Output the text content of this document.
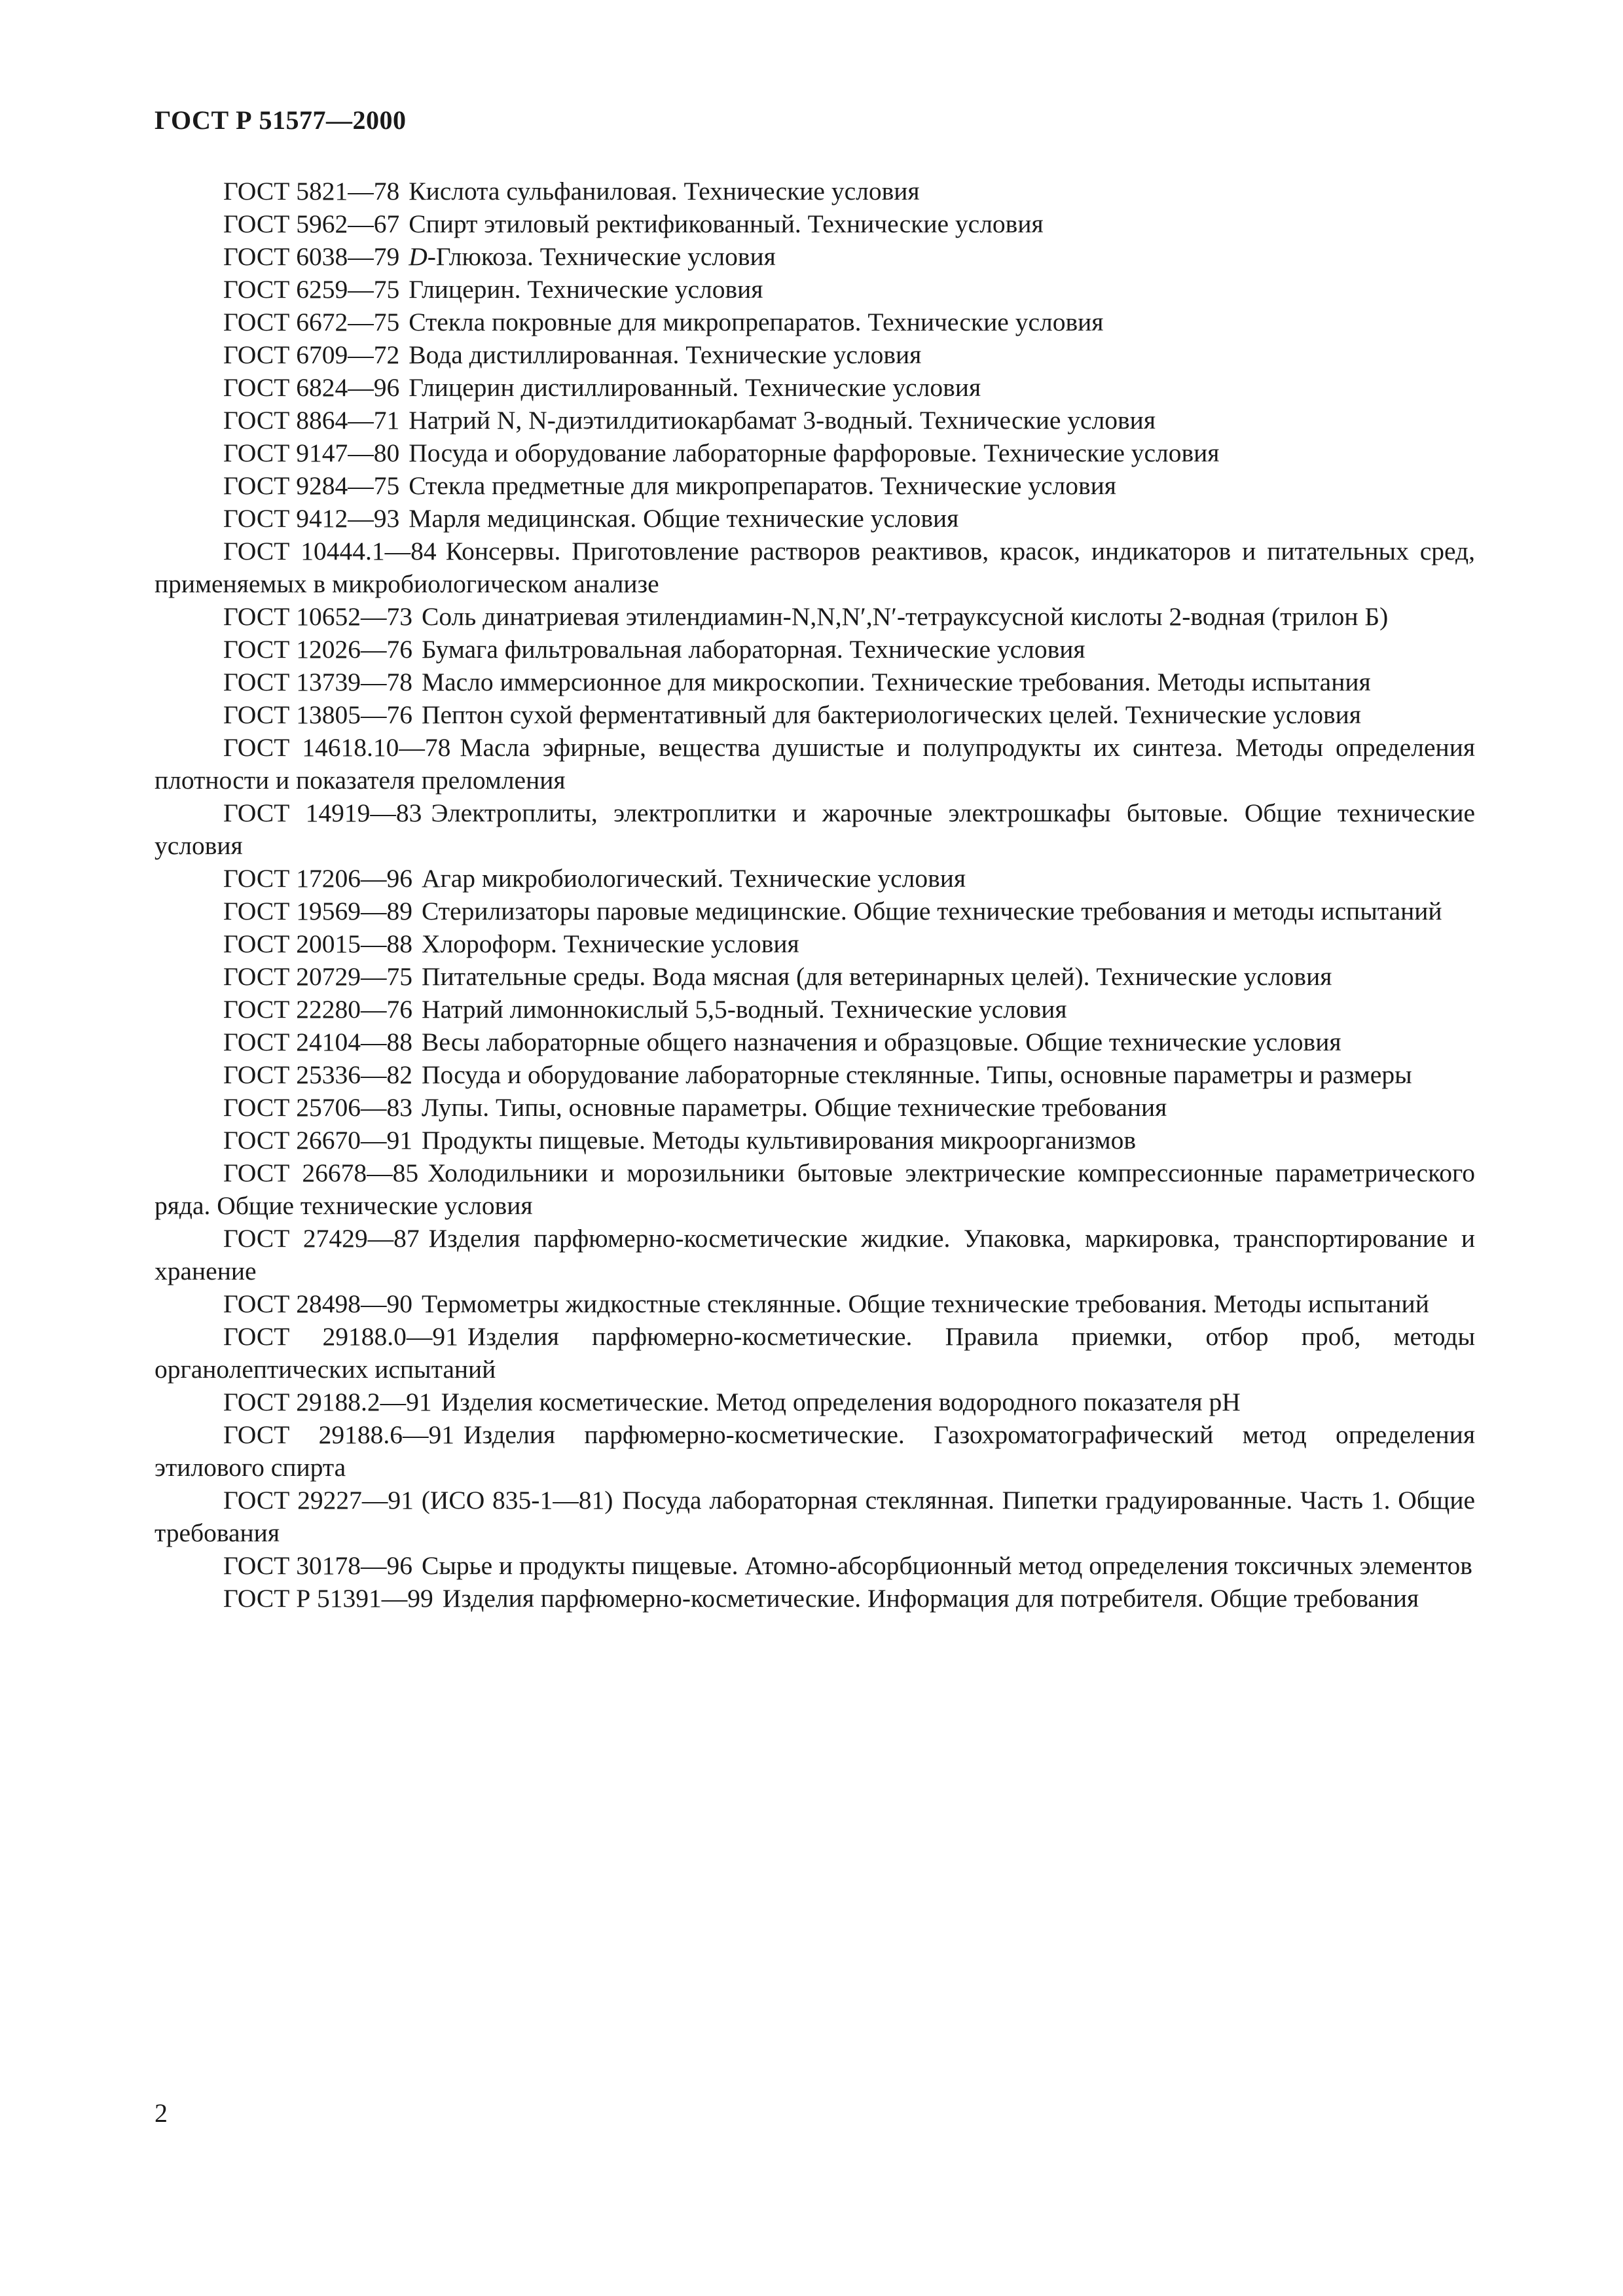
ГОСТ Р 51577—2000

ГОСТ 5821—78 Кислота сульфаниловая. Технические условия

ГОСТ 5962—67 Спирт этиловый ректификованный. Технические условия

ГОСТ 6038—79 D-Глюкоза. Технические условия

ГОСТ 6259—75 Глицерин. Технические условия

ГОСТ 6672—75 Стекла покровные для микропрепаратов. Технические условия

ГОСТ 6709—72 Вода дистиллированная. Технические условия

ГОСТ 6824—96 Глицерин дистиллированный. Технические условия

ГОСТ 8864—71 Натрий N, N-диэтилдитиокарбамат 3-водный. Технические условия

ГОСТ 9147—80 Посуда и оборудование лабораторные фарфоровые. Технические условия

ГОСТ 9284—75 Стекла предметные для микропрепаратов. Технические условия

ГОСТ 9412—93 Марля медицинская. Общие технические условия

ГОСТ 10444.1—84 Консервы. Приготовление растворов реактивов, красок, индикаторов и питательных сред, применяемых в микробиологическом анализе

ГОСТ 10652—73 Соль динатриевая этилендиамин-N,N,N′,N′-тетрауксусной кислоты 2-водная (трилон Б)

ГОСТ 12026—76 Бумага фильтровальная лабораторная. Технические условия

ГОСТ 13739—78 Масло иммерсионное для микроскопии. Технические требования. Методы испытания

ГОСТ 13805—76 Пептон сухой ферментативный для бактериологических целей. Технические условия

ГОСТ 14618.10—78 Масла эфирные, вещества душистые и полупродукты их синтеза. Методы определения плотности и показателя преломления

ГОСТ 14919—83 Электроплиты, электроплитки и жарочные электрошкафы бытовые. Общие технические условия

ГОСТ 17206—96 Агар микробиологический. Технические условия

ГОСТ 19569—89 Стерилизаторы паровые медицинские. Общие технические требования и методы испытаний

ГОСТ 20015—88 Хлороформ. Технические условия

ГОСТ 20729—75 Питательные среды. Вода мясная (для ветеринарных целей). Технические условия

ГОСТ 22280—76 Натрий лимоннокислый 5,5-водный. Технические условия

ГОСТ 24104—88 Весы лабораторные общего назначения и образцовые. Общие технические условия

ГОСТ 25336—82 Посуда и оборудование лабораторные стеклянные. Типы, основные параметры и размеры

ГОСТ 25706—83 Лупы. Типы, основные параметры. Общие технические требования

ГОСТ 26670—91 Продукты пищевые. Методы культивирования микроорганизмов

ГОСТ 26678—85 Холодильники и морозильники бытовые электрические компрессионные параметрического ряда. Общие технические условия

ГОСТ 27429—87 Изделия парфюмерно-косметические жидкие. Упаковка, маркировка, транспортирование и хранение

ГОСТ 28498—90 Термометры жидкостные стеклянные. Общие технические требования. Методы испытаний

ГОСТ 29188.0—91 Изделия парфюмерно-косметические. Правила приемки, отбор проб, методы органолептических испытаний

ГОСТ 29188.2—91 Изделия косметические. Метод определения водородного показателя pH

ГОСТ 29188.6—91 Изделия парфюмерно-косметические. Газохроматографический метод определения этилового спирта

ГОСТ 29227—91 (ИСО 835-1—81) Посуда лабораторная стеклянная. Пипетки градуированные. Часть 1. Общие требования

ГОСТ 30178—96 Сырье и продукты пищевые. Атомно-абсорбционный метод определения токсичных элементов

ГОСТ Р 51391—99 Изделия парфюмерно-косметические. Информация для потребителя. Общие требования

2
